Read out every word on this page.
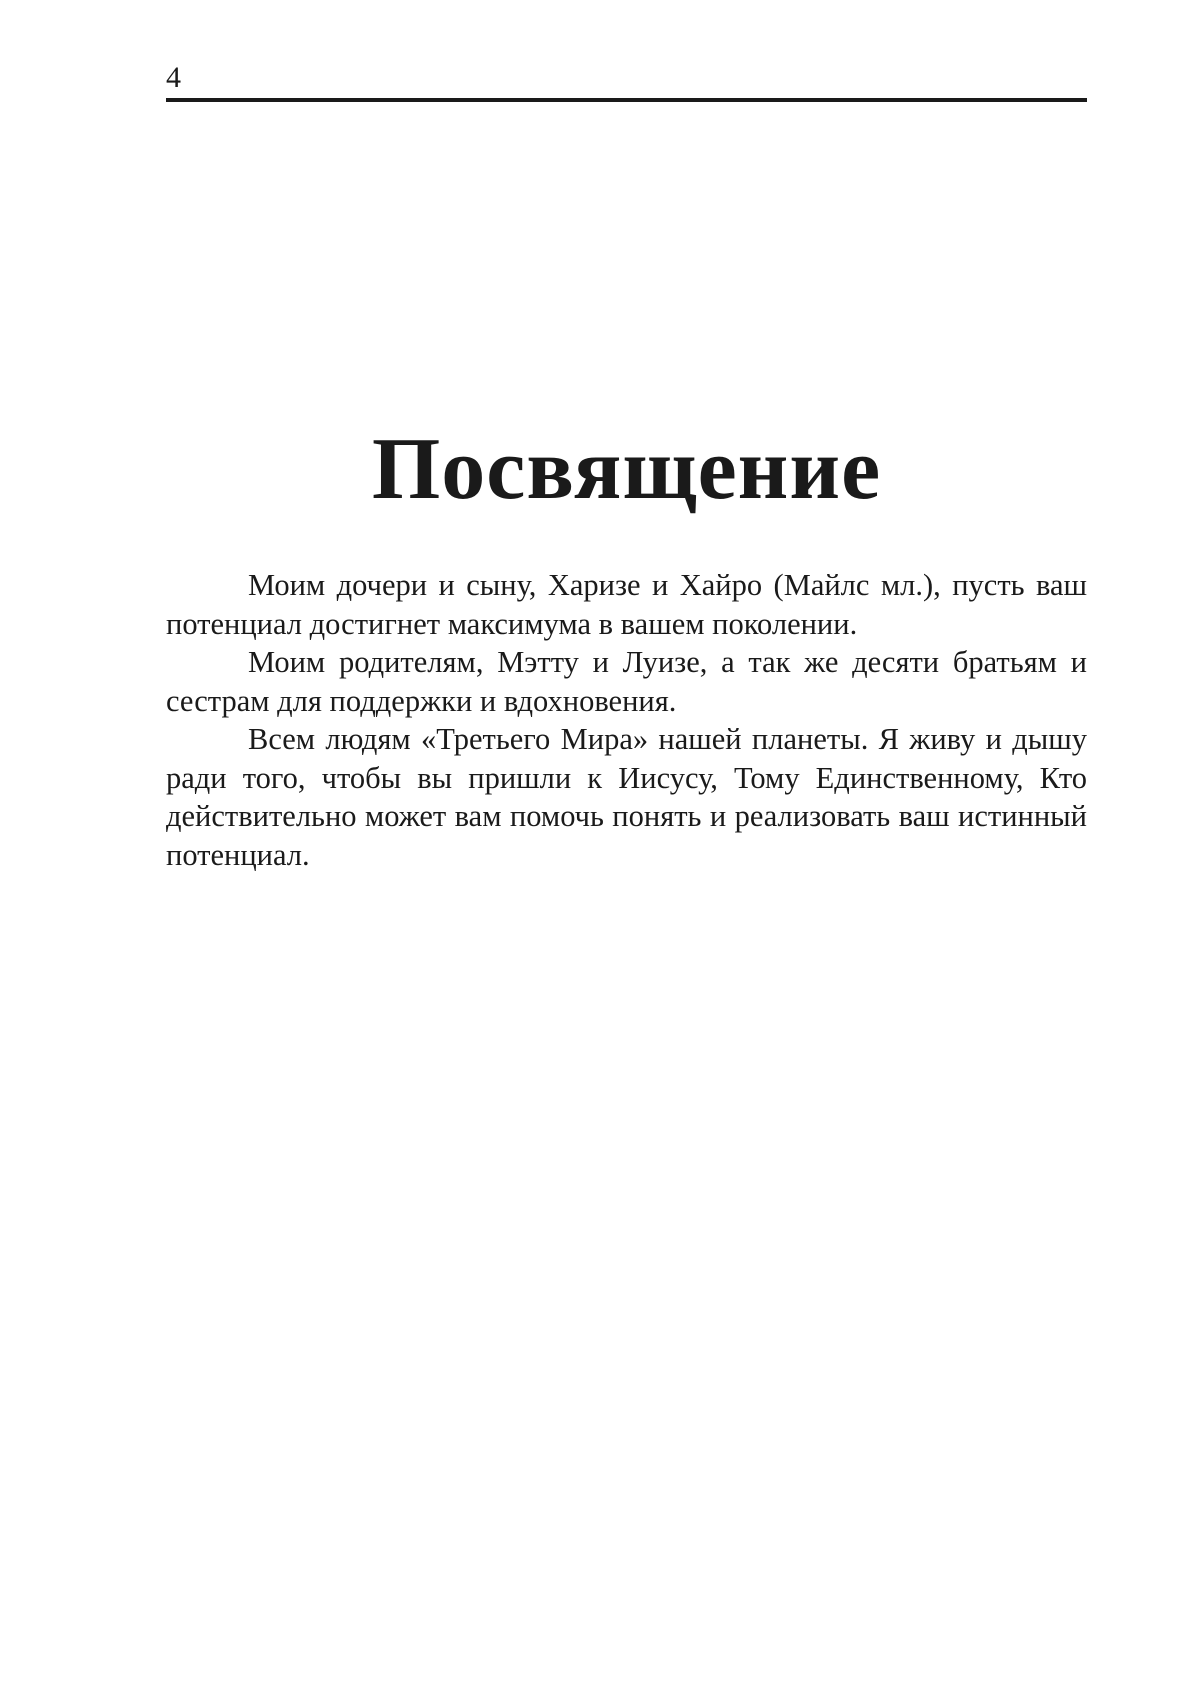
4
Посвящение

Моим дочери и сыну, Харизе и Хайро (Майлс мл.), пусть ваш потенциал достигнет максимума в вашем поколении.

Моим родителям, Мэтту и Луизе, а так же десяти братьям и сестрам для поддержки и вдохновения.

Всем людям «Третьего Мира» нашей планеты. Я живу и дышу ради того, чтобы вы пришли к Иисусу, Тому Единственному, Кто действительно может вам помочь понять и реализовать ваш истинный потенциал.
